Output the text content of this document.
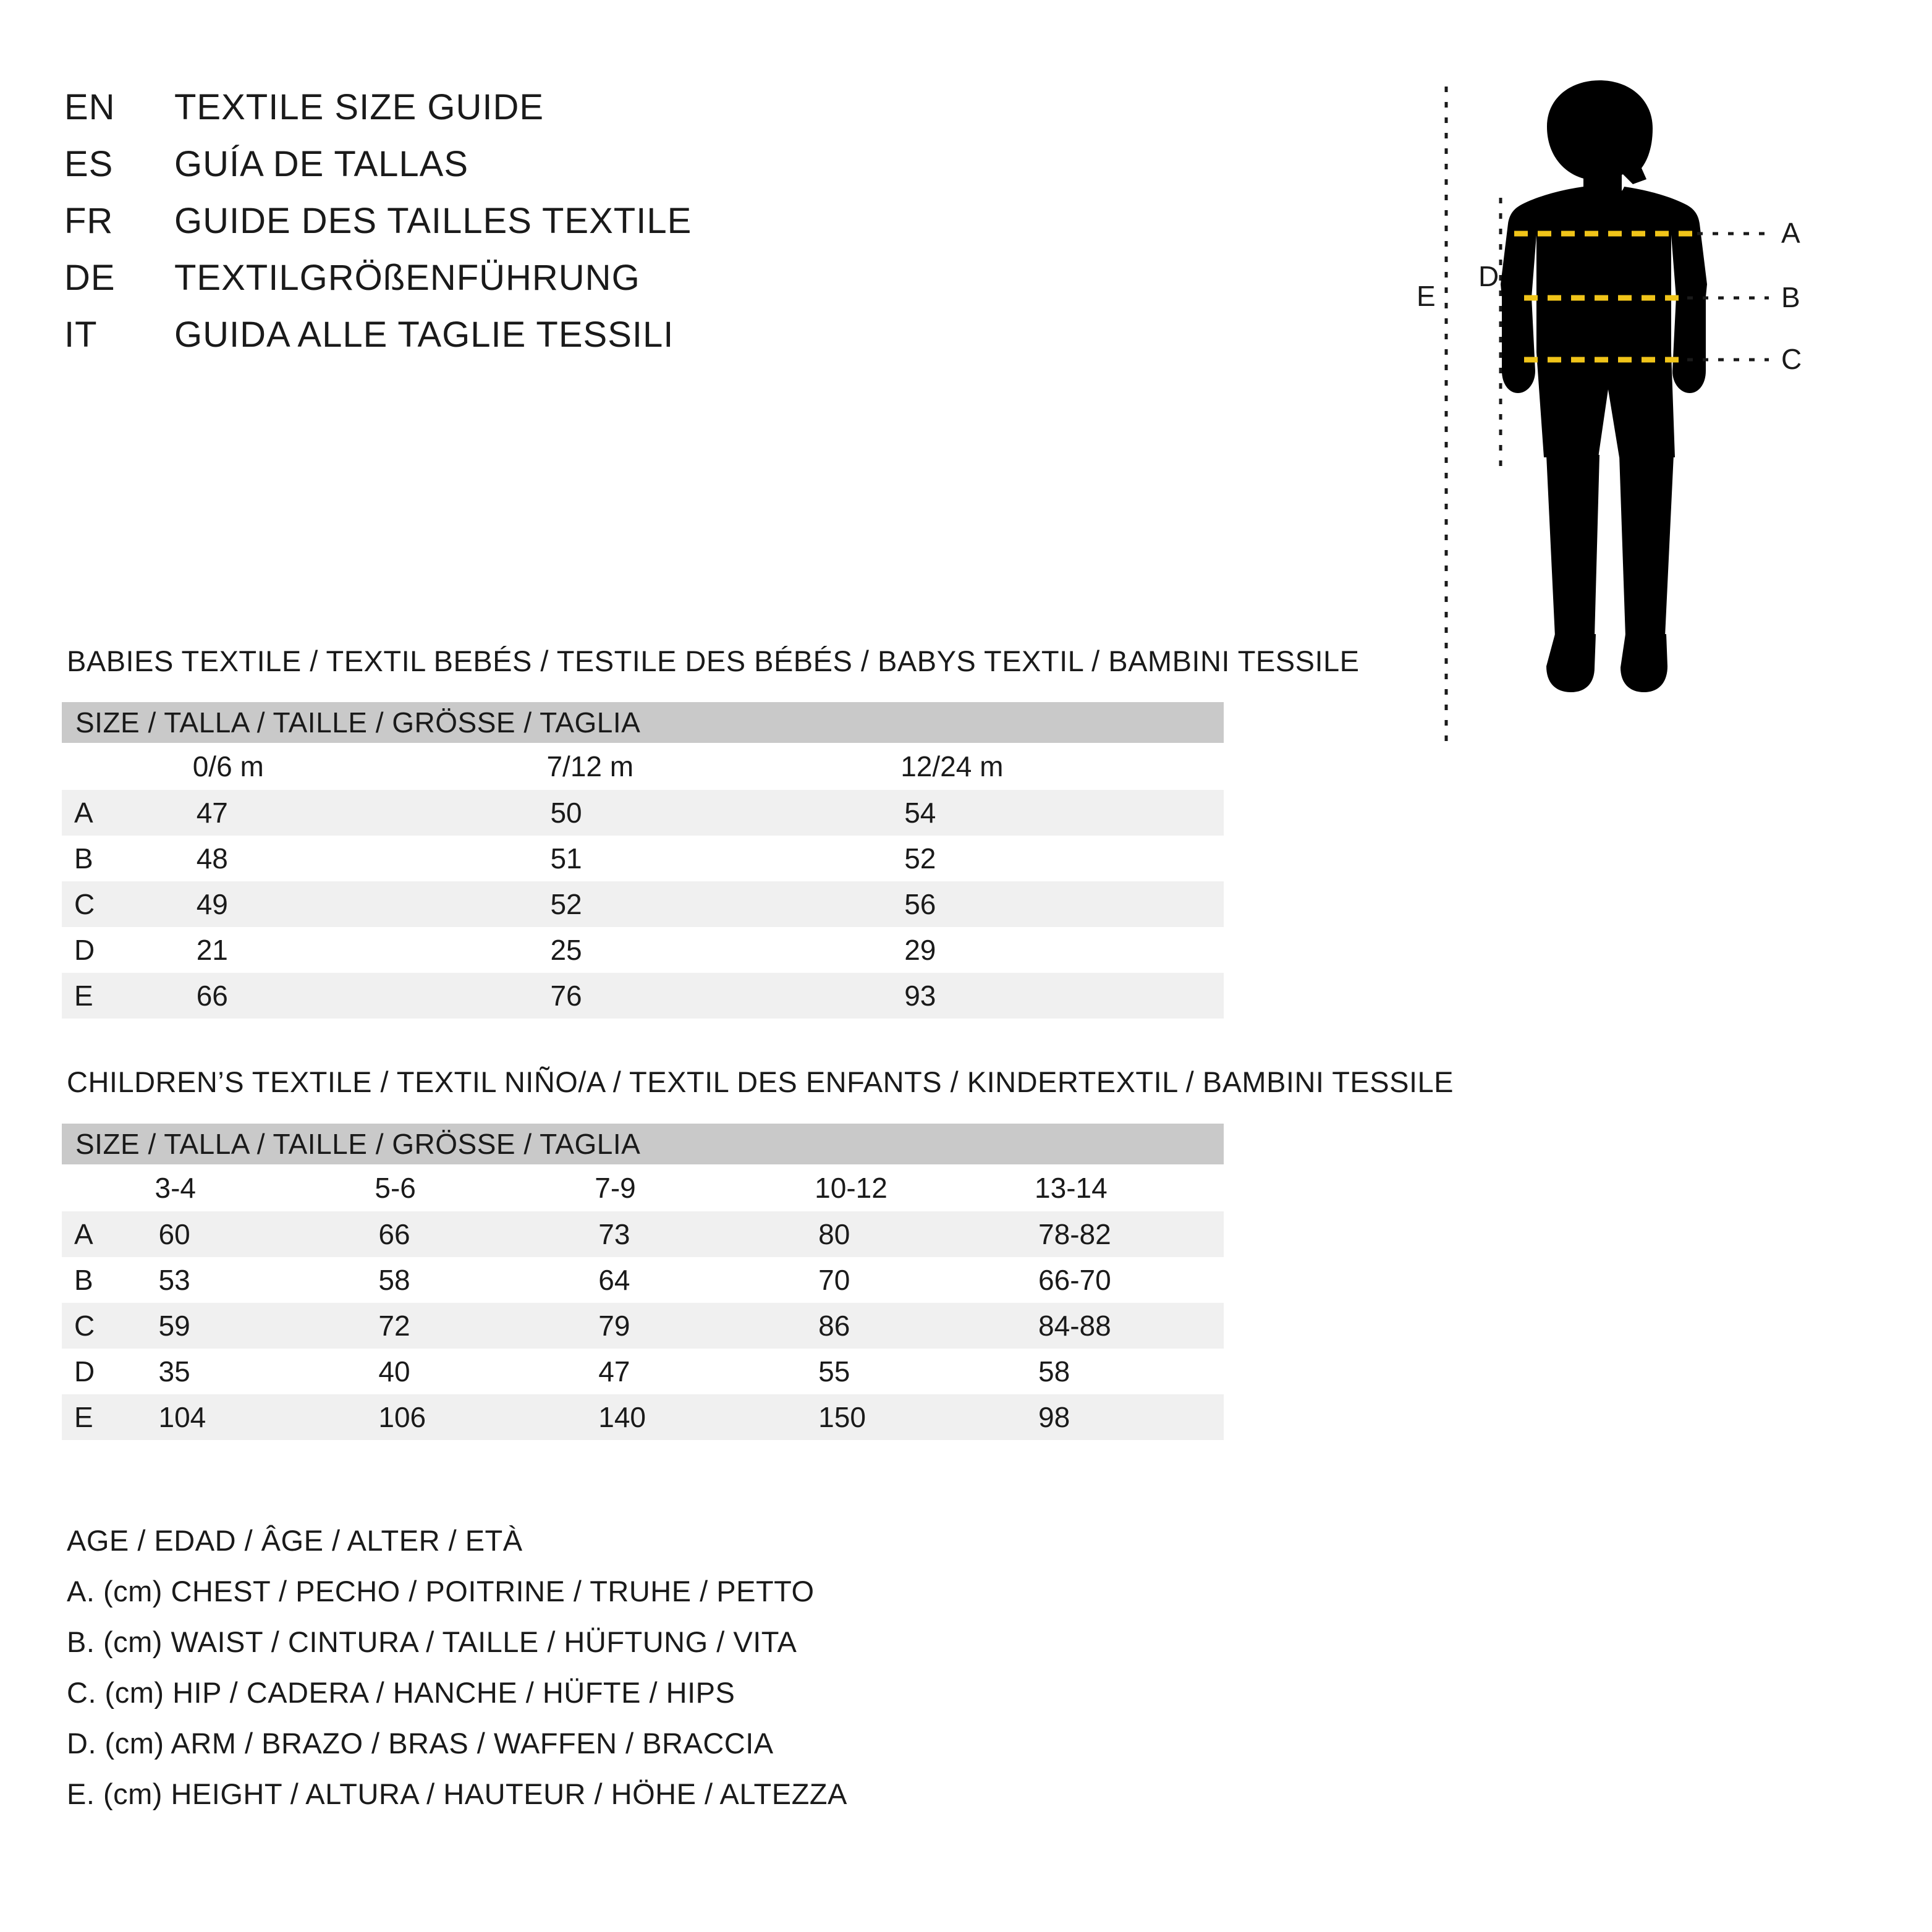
EN	TEXTILE SIZE GUIDE
ES	GUÍA DE TALLAS
FR	GUIDE DES TAILLES TEXTILE
DE	TEXTILGRÖßENFÜHRUNG
IT	GUIDA ALLE TAGLIE TESSILI
A
B
C
D
E
BABIES TEXTILE / TEXTIL BEBÉS / TESTILE DES BÉBÉS / BABYS TEXTIL / BAMBINI TESSILE
SIZE / TALLA / TAILLE / GRÖSSE / TAGLIA			

	0/6 m	7/12 m	12/24 m

A	47	50	54

B	48	51	52

C	49	52	56

D	21	25	29

E	66	76	93
CHILDREN’S TEXTILE / TEXTIL NIÑO/A / TEXTIL DES ENFANTS / KINDERTEXTIL / BAMBINI TESSILE
SIZE / TALLA / TAILLE / GRÖSSE / TAGLIA					

	3-4	5-6	7-9	10-12	13-14

A	60	66	73	80	78-82

B	53	58	64	70	66-70

C	59	72	79	86	84-88

D	35	40	47	55	58

E	104	106	140	150	98
AGE / EDAD / ÂGE / ALTER / ETÀ
A. (cm) CHEST / PECHO / POITRINE / TRUHE / PETTO
B. (cm) WAIST / CINTURA / TAILLE / HÜFTUNG / VITA
C. (cm) HIP / CADERA / HANCHE / HÜFTE / HIPS
D. (cm) ARM / BRAZO / BRAS / WAFFEN / BRACCIA
E. (cm) HEIGHT / ALTURA / HAUTEUR / HÖHE / ALTEZZA
